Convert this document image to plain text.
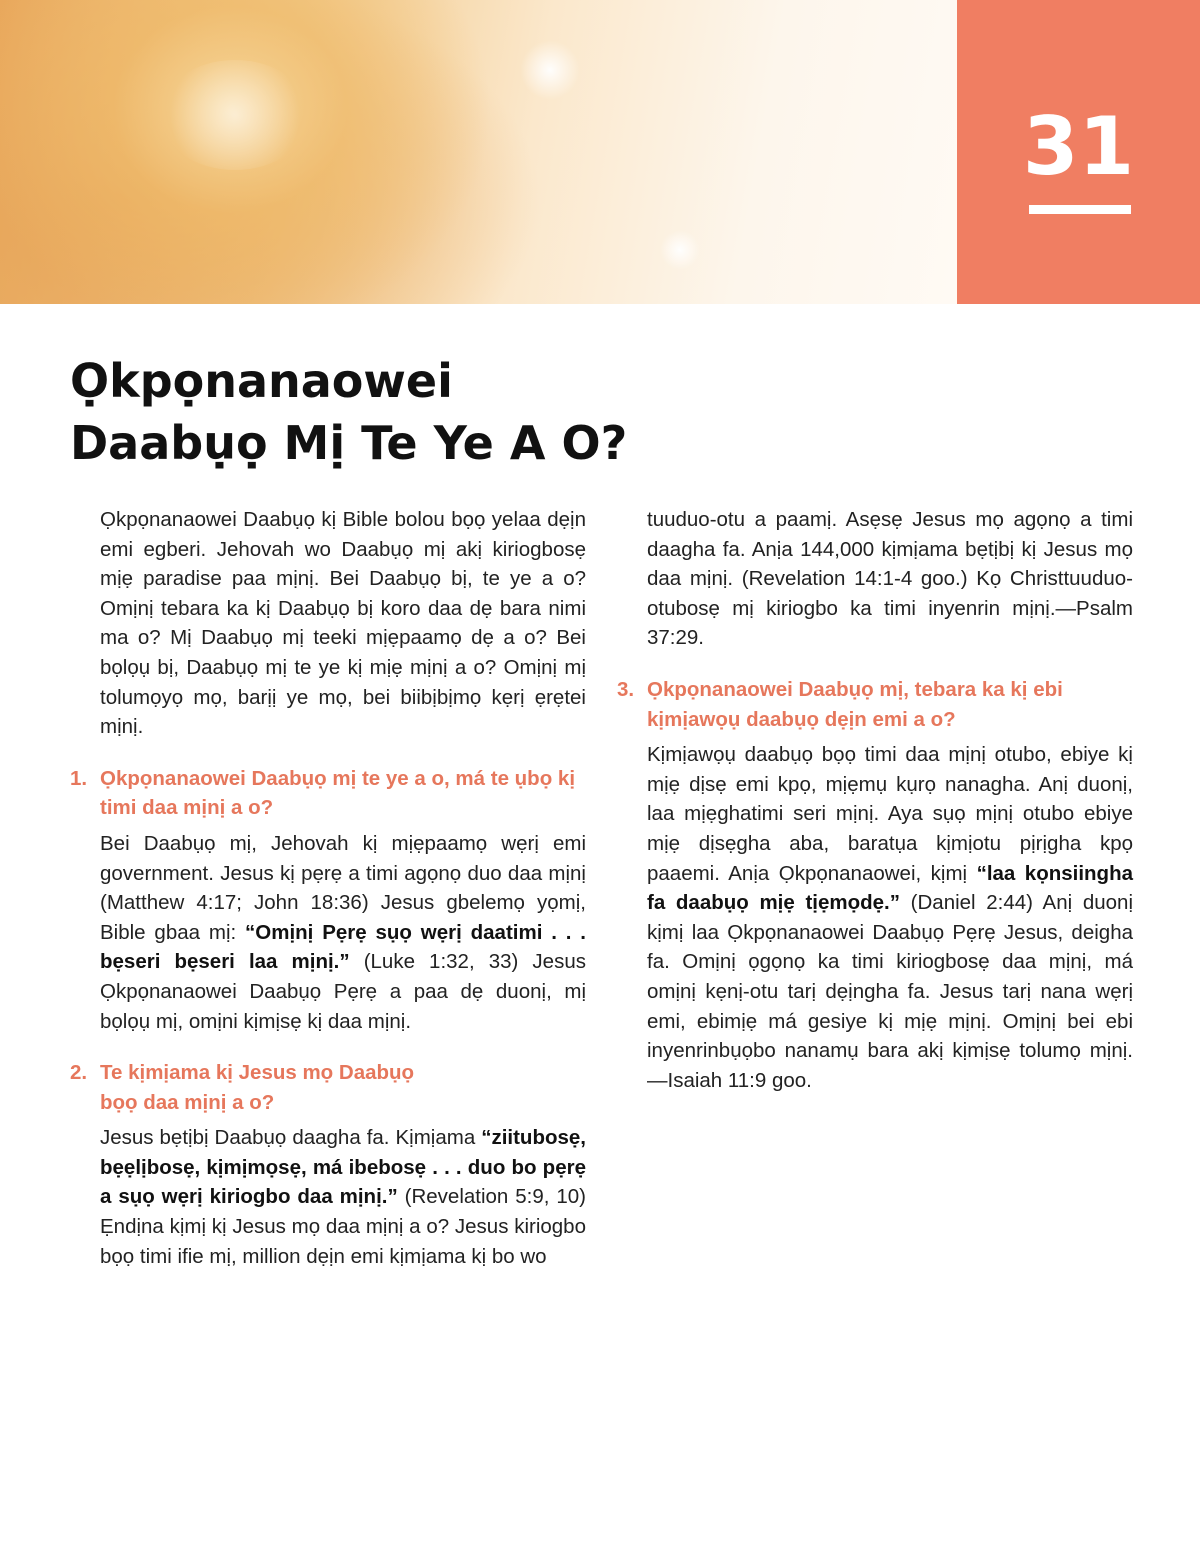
31
Ọkpọnanaowei
Daabụọ Mị Te Ye A O?

Ọkpọnanaowei Daabụọ kị Bible bolou bọọ yelaa dẹịn emi egberi. Jehovah wo Daabụọ mị akị kiriogbosẹ mịẹ paradise paa mịnị. Bei Daabụọ bị, te ye a o? Omịnị tebara ka kị Daabụọ bị koro daa dẹ bara nimi ma o? Mị Daabụọ mị teeki mịẹpaamọ dẹ a o? Bei bọlọụ bị, Daabụọ mị te ye kị mịẹ mịnị a o? Omịnị mị tolumọyọ mọ, barịị ye mọ, bei biibịbịmọ kẹrị ẹrẹtei mịnị.

1. Ọkpọnanaowei Daabụọ mị te ye a o, má te ụbọ kị timi daa mịnị a o?

Bei Daabụọ mị, Jehovah kị mịẹpaamọ wẹrị emi government. Jesus kị pẹrẹ a timi agọnọ duo daa mịnị (Matthew 4:17; John 18:36) Jesus gbelemọ yọmị, Bible gbaa mị: “Omịnị Pẹrẹ sụọ wẹrị daatimi . . . bẹseri bẹseri laa mịnị.” (Luke 1:32, 33) Jesus Ọkpọnanaowei Daabụọ Pẹrẹ a paa dẹ duonị, mị bọlọụ mị, omịni kịmịsẹ kị daa mịnị.

2. Te kịmịama kị Jesus mọ Daabụọ bọọ daa mịnị a o?

Jesus bẹtịbị Daabụọ daagha fa. Kịmịama “ziitubosẹ, bẹẹlịbosẹ, kịmịmọsẹ, má ibebosẹ . . . duo bo pẹrẹ a sụọ wẹrị kiriogbo daa mịnị.” (Revelation 5:9, 10) Ẹndịna kịmị kị Jesus mọ daa mịnị a o? Jesus kiriogbo bọọ timi ifie mị, million dẹịn emi kịmịama kị bo wo

tuuduo-otu a paamị. Asẹsẹ Jesus mọ agọnọ a timi daagha fa. Anịa 144,000 kịmịama bẹtịbị kị Jesus mọ daa mịnị. (Revelation 14:1-4 goo.) Kọ Christtuuduo-otubosẹ mị kiriogbo ka timi inyenrin mịnị.—Psalm 37:29.

3. Ọkpọnanaowei Daabụọ mị, tebara ka kị ebi kịmịawọụ daabụọ dẹịn emi a o?

Kịmịawọụ daabụọ bọọ timi daa mịnị otubo, ebiye kị mịẹ dịsẹ emi kpọ, mịẹmụ kụrọ nanagha. Anị duonị, laa mịẹghatimi seri mịnị. Aya sụọ mịnị otubo ebiye mịẹ dịsẹgha aba, baratụa kịmịotu pịrịgha kpọ paaemi. Anịa Ọkpọnanaowei, kịmị “laa kọnsiingha fa daabụọ mịẹ tịẹmọdẹ.” (Daniel 2:44) Anị duonị kịmị laa Ọkpọnanaowei Daabụọ Pẹrẹ Jesus, deigha fa. Omịnị ọgọnọ ka timi kiriogbosẹ daa mịnị, má omịnị kẹnị-otu tarị dẹịngha fa. Jesus tarị nana wẹrị emi, ebimịẹ má gesiye kị mịẹ mịnị. Omịnị bei ebi inyenrinbụọbo nanamụ bara akị kịmịsẹ tolumọ mịnị.—Isaiah 11:9 goo.
